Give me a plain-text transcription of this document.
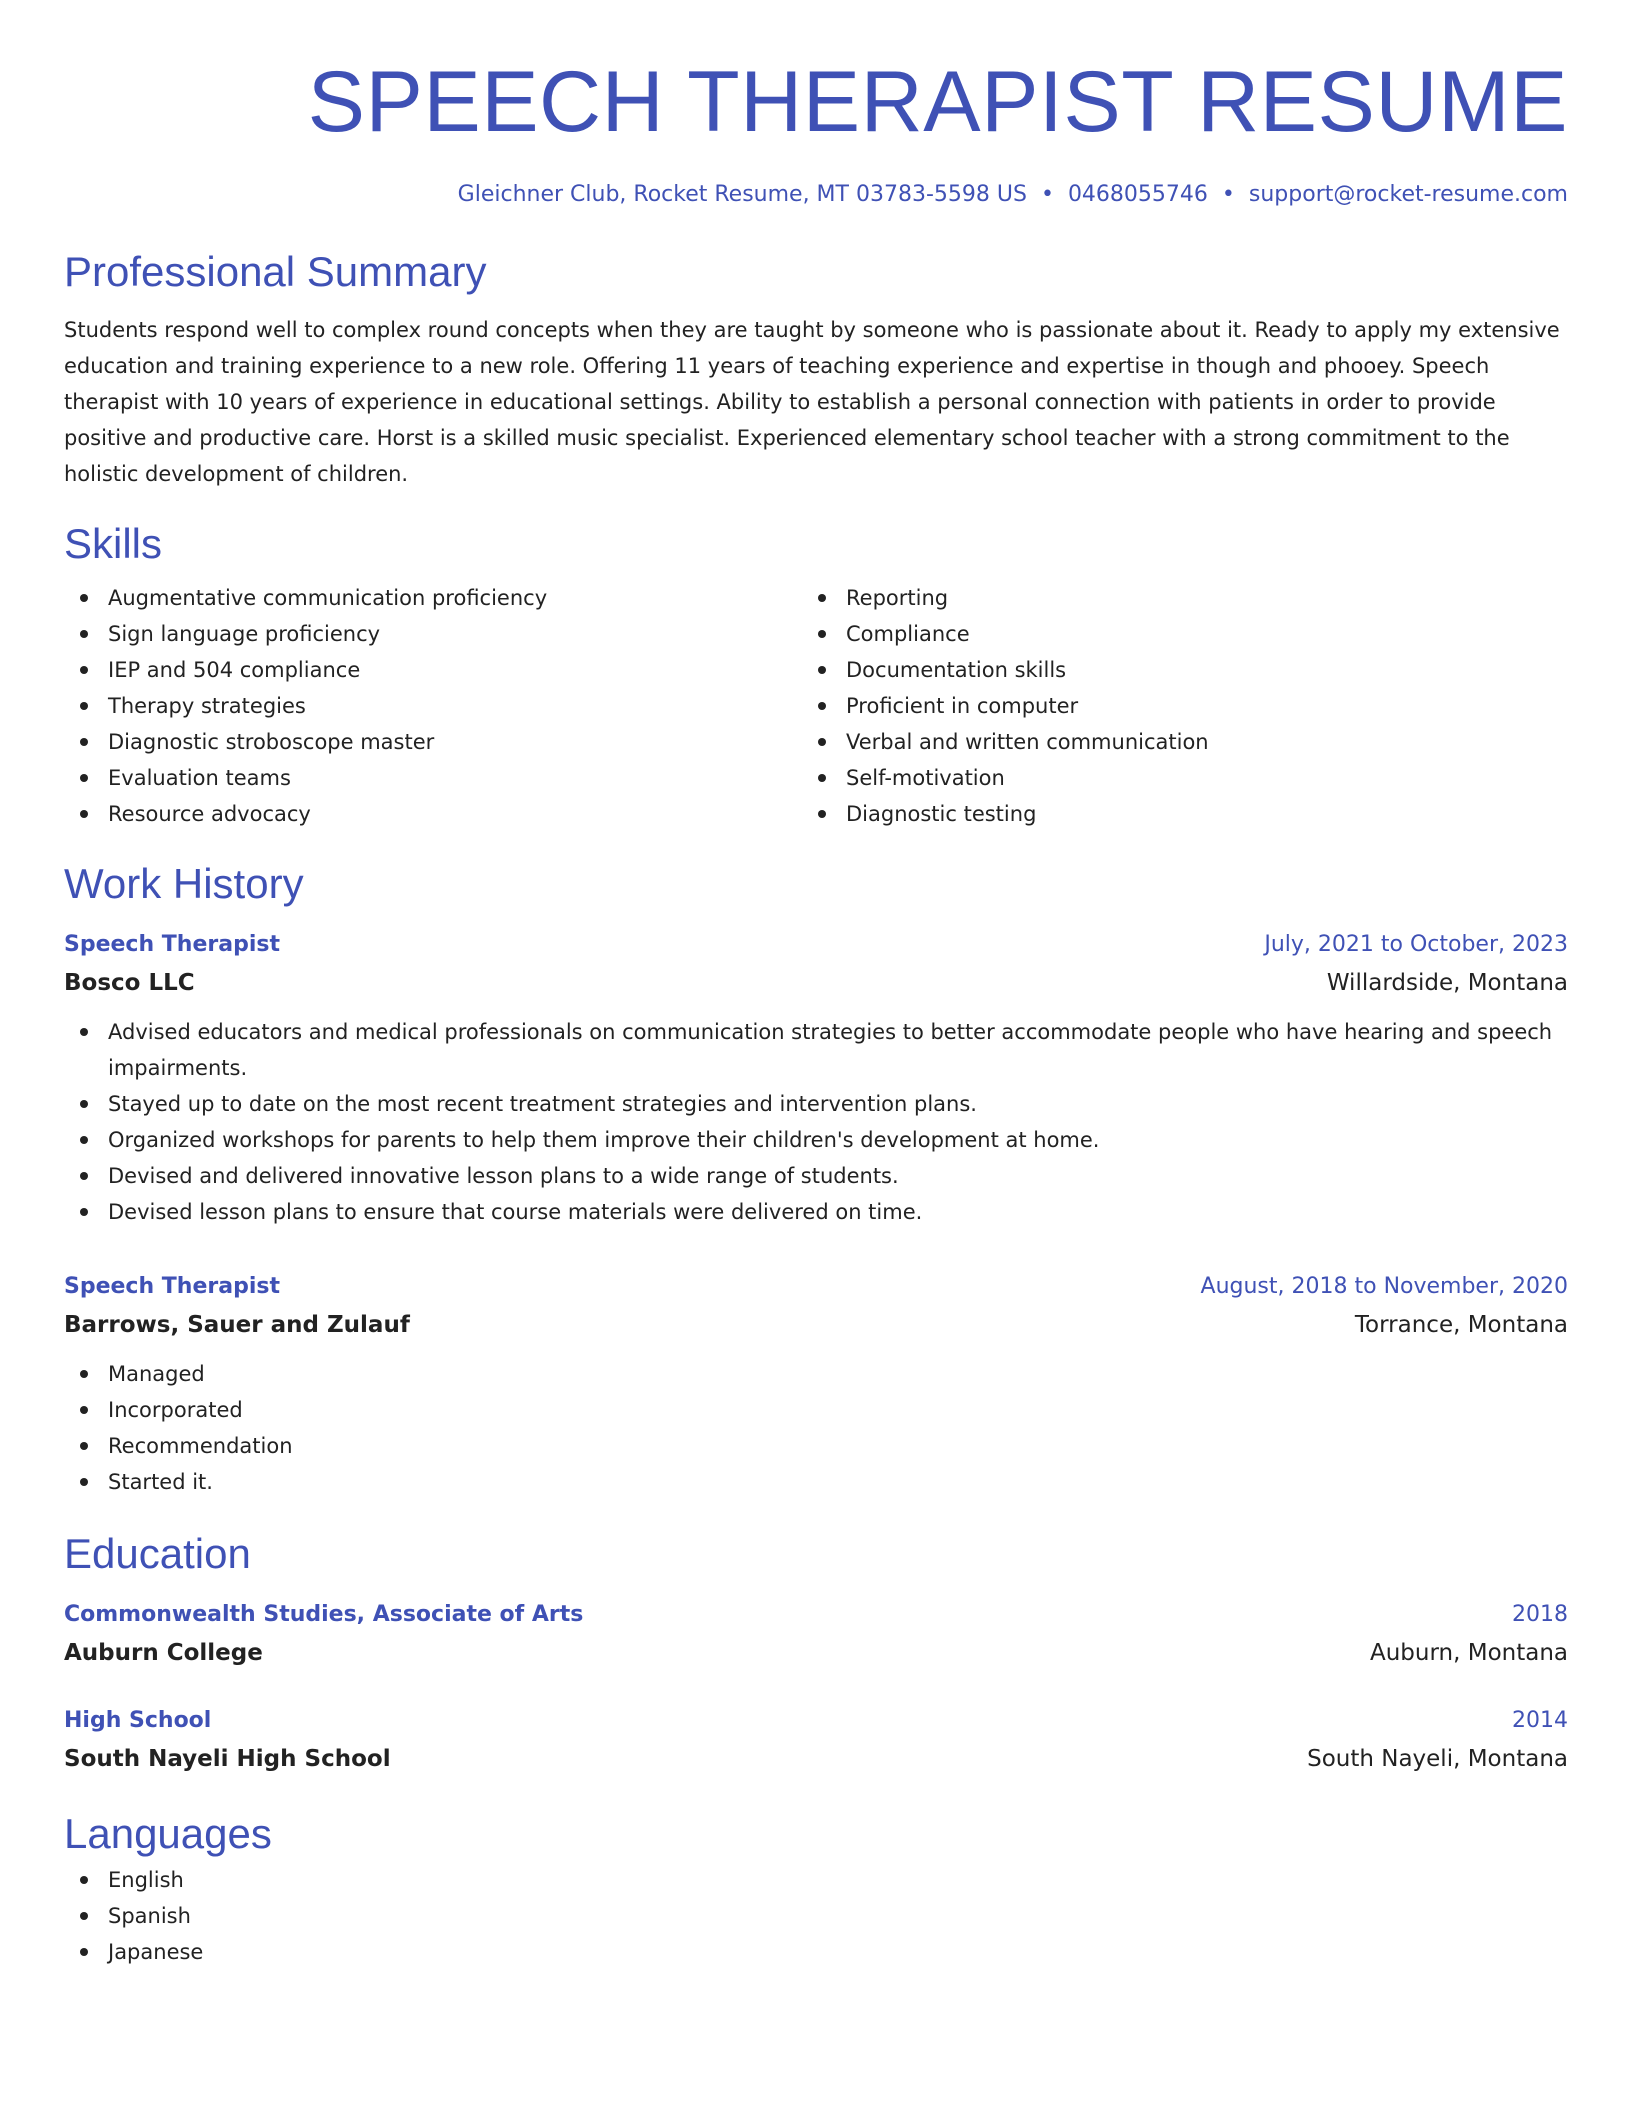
SPEECH THERAPIST RESUME
Gleichner Club, Rocket Resume, MT 03783-5598 US • 0468055746 • support@rocket-resume.com
Professional Summary

Students respond well to complex round concepts when they are taught by someone who is passionate about it. Ready to apply my extensive education and training experience to a new role. Offering 11 years of teaching experience and expertise in though and phooey. Speech therapist with 10 years of experience in educational settings. Ability to establish a personal connection with patients in order to provide positive and productive care. Horst is a skilled music specialist. Experienced elementary school teacher with a strong commitment to the holistic development of children.

Skills
Augmentative communication proficiency
Sign language proficiency
IEP and 504 compliance
Therapy strategies
Diagnostic stroboscope master
Evaluation teams
Resource advocacy
Reporting
Compliance
Documentation skills
Proficient in computer
Verbal and written communication
Self-motivation
Diagnostic testing
Work History
Speech Therapist	July, 2021 to October, 2023
Bosco LLC	Willardside, Montana
Advised educators and medical professionals on communication strategies to better accommodate people who have hearing and speech impairments.
Stayed up to date on the most recent treatment strategies and intervention plans.
Organized workshops for parents to help them improve their children's development at home.
Devised and delivered innovative lesson plans to a wide range of students.
Devised lesson plans to ensure that course materials were delivered on time.
Speech Therapist	August, 2018 to November, 2020
Barrows, Sauer and Zulauf	Torrance, Montana
Managed
Incorporated
Recommendation
Started it.
Education
Commonwealth Studies, Associate of Arts	2018
Auburn College	Auburn, Montana
High School	2014
South Nayeli High School	South Nayeli, Montana
Languages
English
Spanish
Japanese
